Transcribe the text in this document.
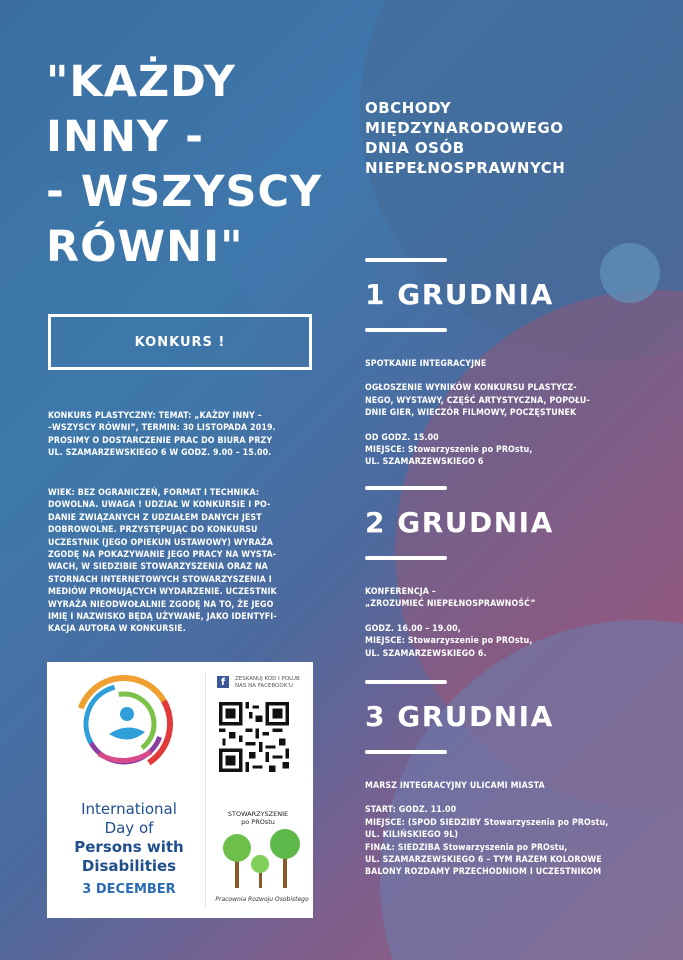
"KAŻDY
INNY -
- WSZYSCY
RÓWNI"
OBCHODY
MIĘDZYNARODOWEGO
DNIA OSÓB
NIEPEŁNOSPRAWNYCH
KONKURS !
KONKURS PLASTYCZNY: TEMAT: „KAŻDY INNY –
–WSZYSCY RÓWNI”, TERMIN: 30 LISTOPADA 2019.
PROSIMY O DOSTARCZENIE PRAC DO BIURA PRZY
UL. SZAMARZEWSKIEGO 6 W GODZ. 9.00 – 15.00.
WIEK: BEZ OGRANICZEŃ, FORMAT I TECHNIKA:
DOWOLNA. UWAGA ! UDZIAŁ W KONKURSIE I PO-
DANIE ZWIĄZANYCH Z UDZIAŁEM DANYCH JEST
DOBROWOLNE. PRZYSTĘPUJĄC DO KONKURSU
UCZESTNIK (JEGO OPIEKUN USTAWOWY) WYRAŻA
ZGODĘ NA POKAZYWANIE JEGO PRACY NA WYSTA-
WACH, W SIEDZIBIE STOWARZYSZENIA ORAZ NA
STORNACH INTERNETOWYCH STOWARZYSZENIA I
MEDIÓW PROMUJĄCYCH WYDARZENIE. UCZESTNIK
WYRAŻA NIEODWOŁALNIE ZGODĘ NA TO, ŻE JEGO
IMIĘ I NAZWISKO BĘDĄ UŻYWANE, JAKO IDENTYFI-
KACJA AUTORA W KONKURSIE.
1 GRUDNIA
SPOTKANIE INTEGRACYJNE
OGŁOSZENIE WYNIKÓW KONKURSU PLASTYCZ-
NEGO, WYSTAWY, CZĘŚĆ ARTYSTYCZNA, POPOŁU-
DNIE GIER, WIECZÓR FILMOWY, POCZĘSTUNEK
OD GODZ. 15.00
MIEJSCE: Stowarzyszenie po PROstu,
UL. SZAMARZEWSKIEGO 6
2 GRUDNIA
KONFERENCJA –
„ZROZUMIEĆ NIEPEŁNOSPRAWNOŚĆ”
GODZ. 16.00 – 19.00,
MIEJSCE: Stowarzyszenie po PROstu,
UL. SZAMARZEWSKIEGO 6.
3 GRUDNIA
MARSZ INTEGRACYJNY ULICAMI MIASTA
START: GODZ. 11.00
MIEJSCE: (SPOD SIEDZIBY Stowarzyszenia po PROstu,
UL. KILIŃSKIEGO 9L)
FINAŁ: SIEDZIBA Stowarzyszenia po PROstu,
UL. SZAMARZEWSKIEGO 6 – TYM RAZEM KOLOROWE
BALONY ROZDAMY PRZECHODNIOM I UCZESTNIKOM
International
Day of
Persons with
Disabilities
3 DECEMBER
f	ZESKANUJ KOD I POLUB
NAS NA FACEBOOK'U
STOWARZYSZENIE
po PROstu
Pracownia Rozwoju Osobistego
